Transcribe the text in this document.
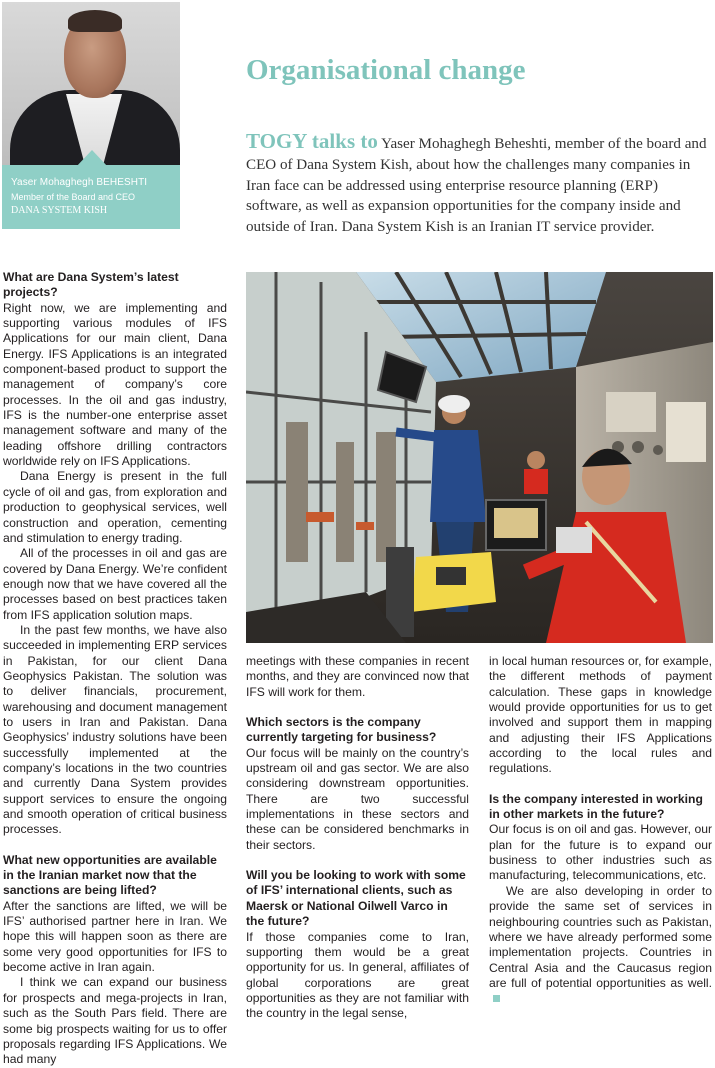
Yaser Mohaghegh BEHESHTI
Member of the Board and CEO
DANA SYSTEM KISH
Organisational change

TOGY talks to Yaser Mohaghegh Beheshti, member of the board and CEO of Dana System Kish, about how the challenges many companies in Iran face can be addressed using enterprise resource planning (ERP) software, as well as expansion opportunities for the company inside and outside of Iran. Dana System Kish is an Iranian IT service provider.

What are Dana System’s latest projects?

Right now, we are implementing and supporting various modules of IFS Applications for our main client, Dana Energy. IFS Applications is an integrated component-based product to support the management of company’s core processes. In the oil and gas industry, IFS is the number-one enterprise asset management software and many of the leading offshore drilling contractors worldwide rely on IFS Applications.

Dana Energy is present in the full cycle of oil and gas, from exploration and production to geophysical services, well construction and operation, cementing and stimulation to energy trading.

All of the processes in oil and gas are covered by Dana Energy. We’re confident enough now that we have covered all the processes based on best practices taken from IFS application solution maps.

In the past few months, we have also succeeded in implementing ERP services in Pakistan, for our client Dana Geophysics Pakistan. The solution was to deliver financials, procurement, warehousing and document management to users in Iran and Pakistan. Dana Geophysics’ industry solutions have been successfully implemented at the company’s locations in the two countries and currently Dana System provides support services to ensure the ongoing and smooth operation of critical business processes.

What new opportunities are available in the Iranian market now that the sanctions are being lifted?

After the sanctions are lifted, we will be IFS’ authorised partner here in Iran. We hope this will happen soon as there are some very good opportunities for IFS to become active in Iran again.

I think we can expand our business for prospects and mega-projects in Iran, such as the South Pars field. There are some big prospects waiting for us to offer proposals regarding IFS Applications. We had many

meetings with these companies in recent months, and they are convinced now that IFS will work for them.

Which sectors is the company currently targeting for business?

Our focus will be mainly on the country’s upstream oil and gas sector. We are also considering downstream opportunities. There are two successful implementations in these sectors and these can be considered benchmarks in their sectors.

Will you be looking to work with some of IFS’ international clients, such as Maersk or National Oilwell Varco in the future?

If those companies come to Iran, supporting them would be a great opportunity for us. In general, affiliates of global corporations are great opportunities as they are not familiar with the country in the legal sense,

in local human resources or, for example, the different methods of payment calculation. These gaps in knowledge would provide opportunities for us to get involved and support them in mapping and adjusting their IFS Applications according to the local rules and regulations.

Is the company interested in working in other markets in the future?

Our focus is on oil and gas. However, our plan for the future is to expand our business to other industries such as manufacturing, telecommunications, etc.

We are also developing in order to provide the same set of services in neighbouring countries such as Pakistan, where we have already performed some implementation projects. Countries in Central Asia and the Caucasus region are full of potential opportunities as well.
